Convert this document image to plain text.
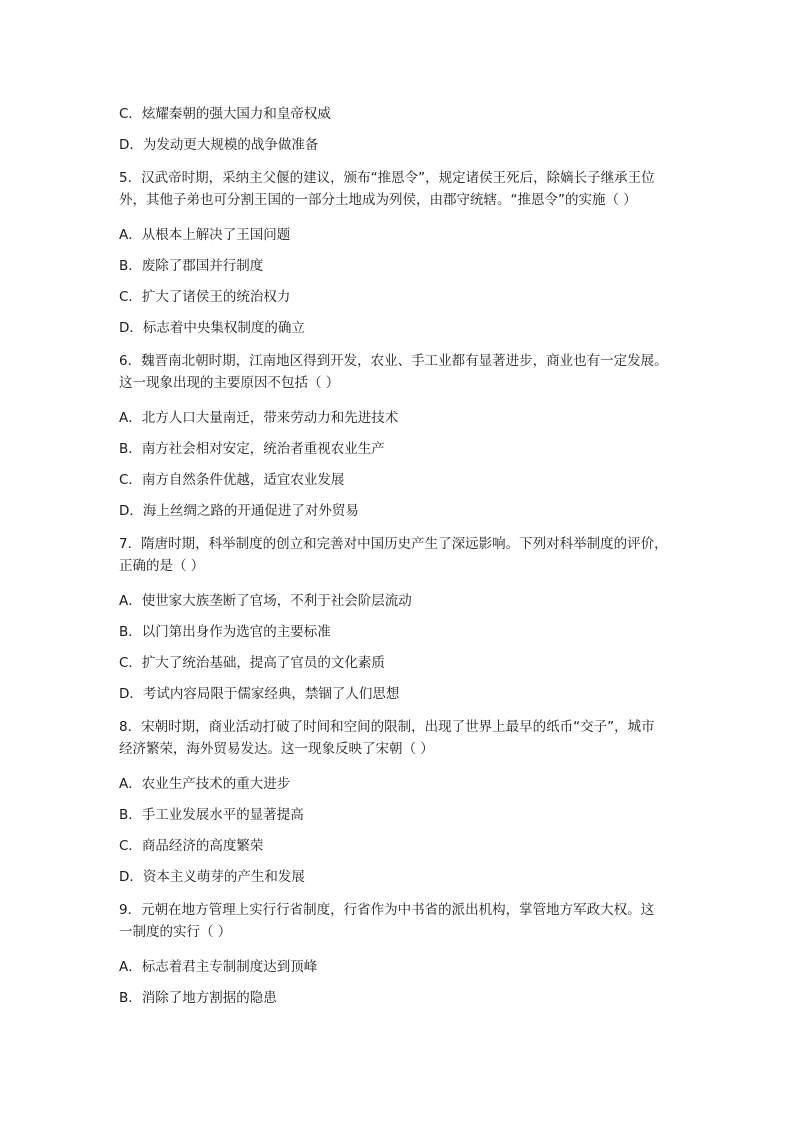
C．炫耀秦朝的强大国力和皇帝权威
D．为发动更大规模的战争做准备
5．汉武帝时期，采纳主父偃的建议，颁布“推恩令”，规定诸侯王死后，除嫡长子继承王位
外，其他子弟也可分割王国的一部分土地成为列侯，由郡守统辖。“推恩令”的实施（ ）
A．从根本上解决了王国问题
B．废除了郡国并行制度
C．扩大了诸侯王的统治权力
D．标志着中央集权制度的确立
6．魏晋南北朝时期，江南地区得到开发，农业、手工业都有显著进步，商业也有一定发展。
这一现象出现的主要原因不包括（ ）
A．北方人口大量南迁，带来劳动力和先进技术
B．南方社会相对安定，统治者重视农业生产
C．南方自然条件优越，适宜农业发展
D．海上丝绸之路的开通促进了对外贸易
7．隋唐时期，科举制度的创立和完善对中国历史产生了深远影响。下列对科举制度的评价，
正确的是（ ）
A．使世家大族垄断了官场，不利于社会阶层流动
B．以门第出身作为选官的主要标准
C．扩大了统治基础，提高了官员的文化素质
D．考试内容局限于儒家经典，禁锢了人们思想
8．宋朝时期，商业活动打破了时间和空间的限制，出现了世界上最早的纸币“交子”，城市
经济繁荣，海外贸易发达。这一现象反映了宋朝（ ）
A．农业生产技术的重大进步
B．手工业发展水平的显著提高
C．商品经济的高度繁荣
D．资本主义萌芽的产生和发展
9．元朝在地方管理上实行行省制度，行省作为中书省的派出机构，掌管地方军政大权。这
一制度的实行（ ）
A．标志着君主专制制度达到顶峰
B．消除了地方割据的隐患
